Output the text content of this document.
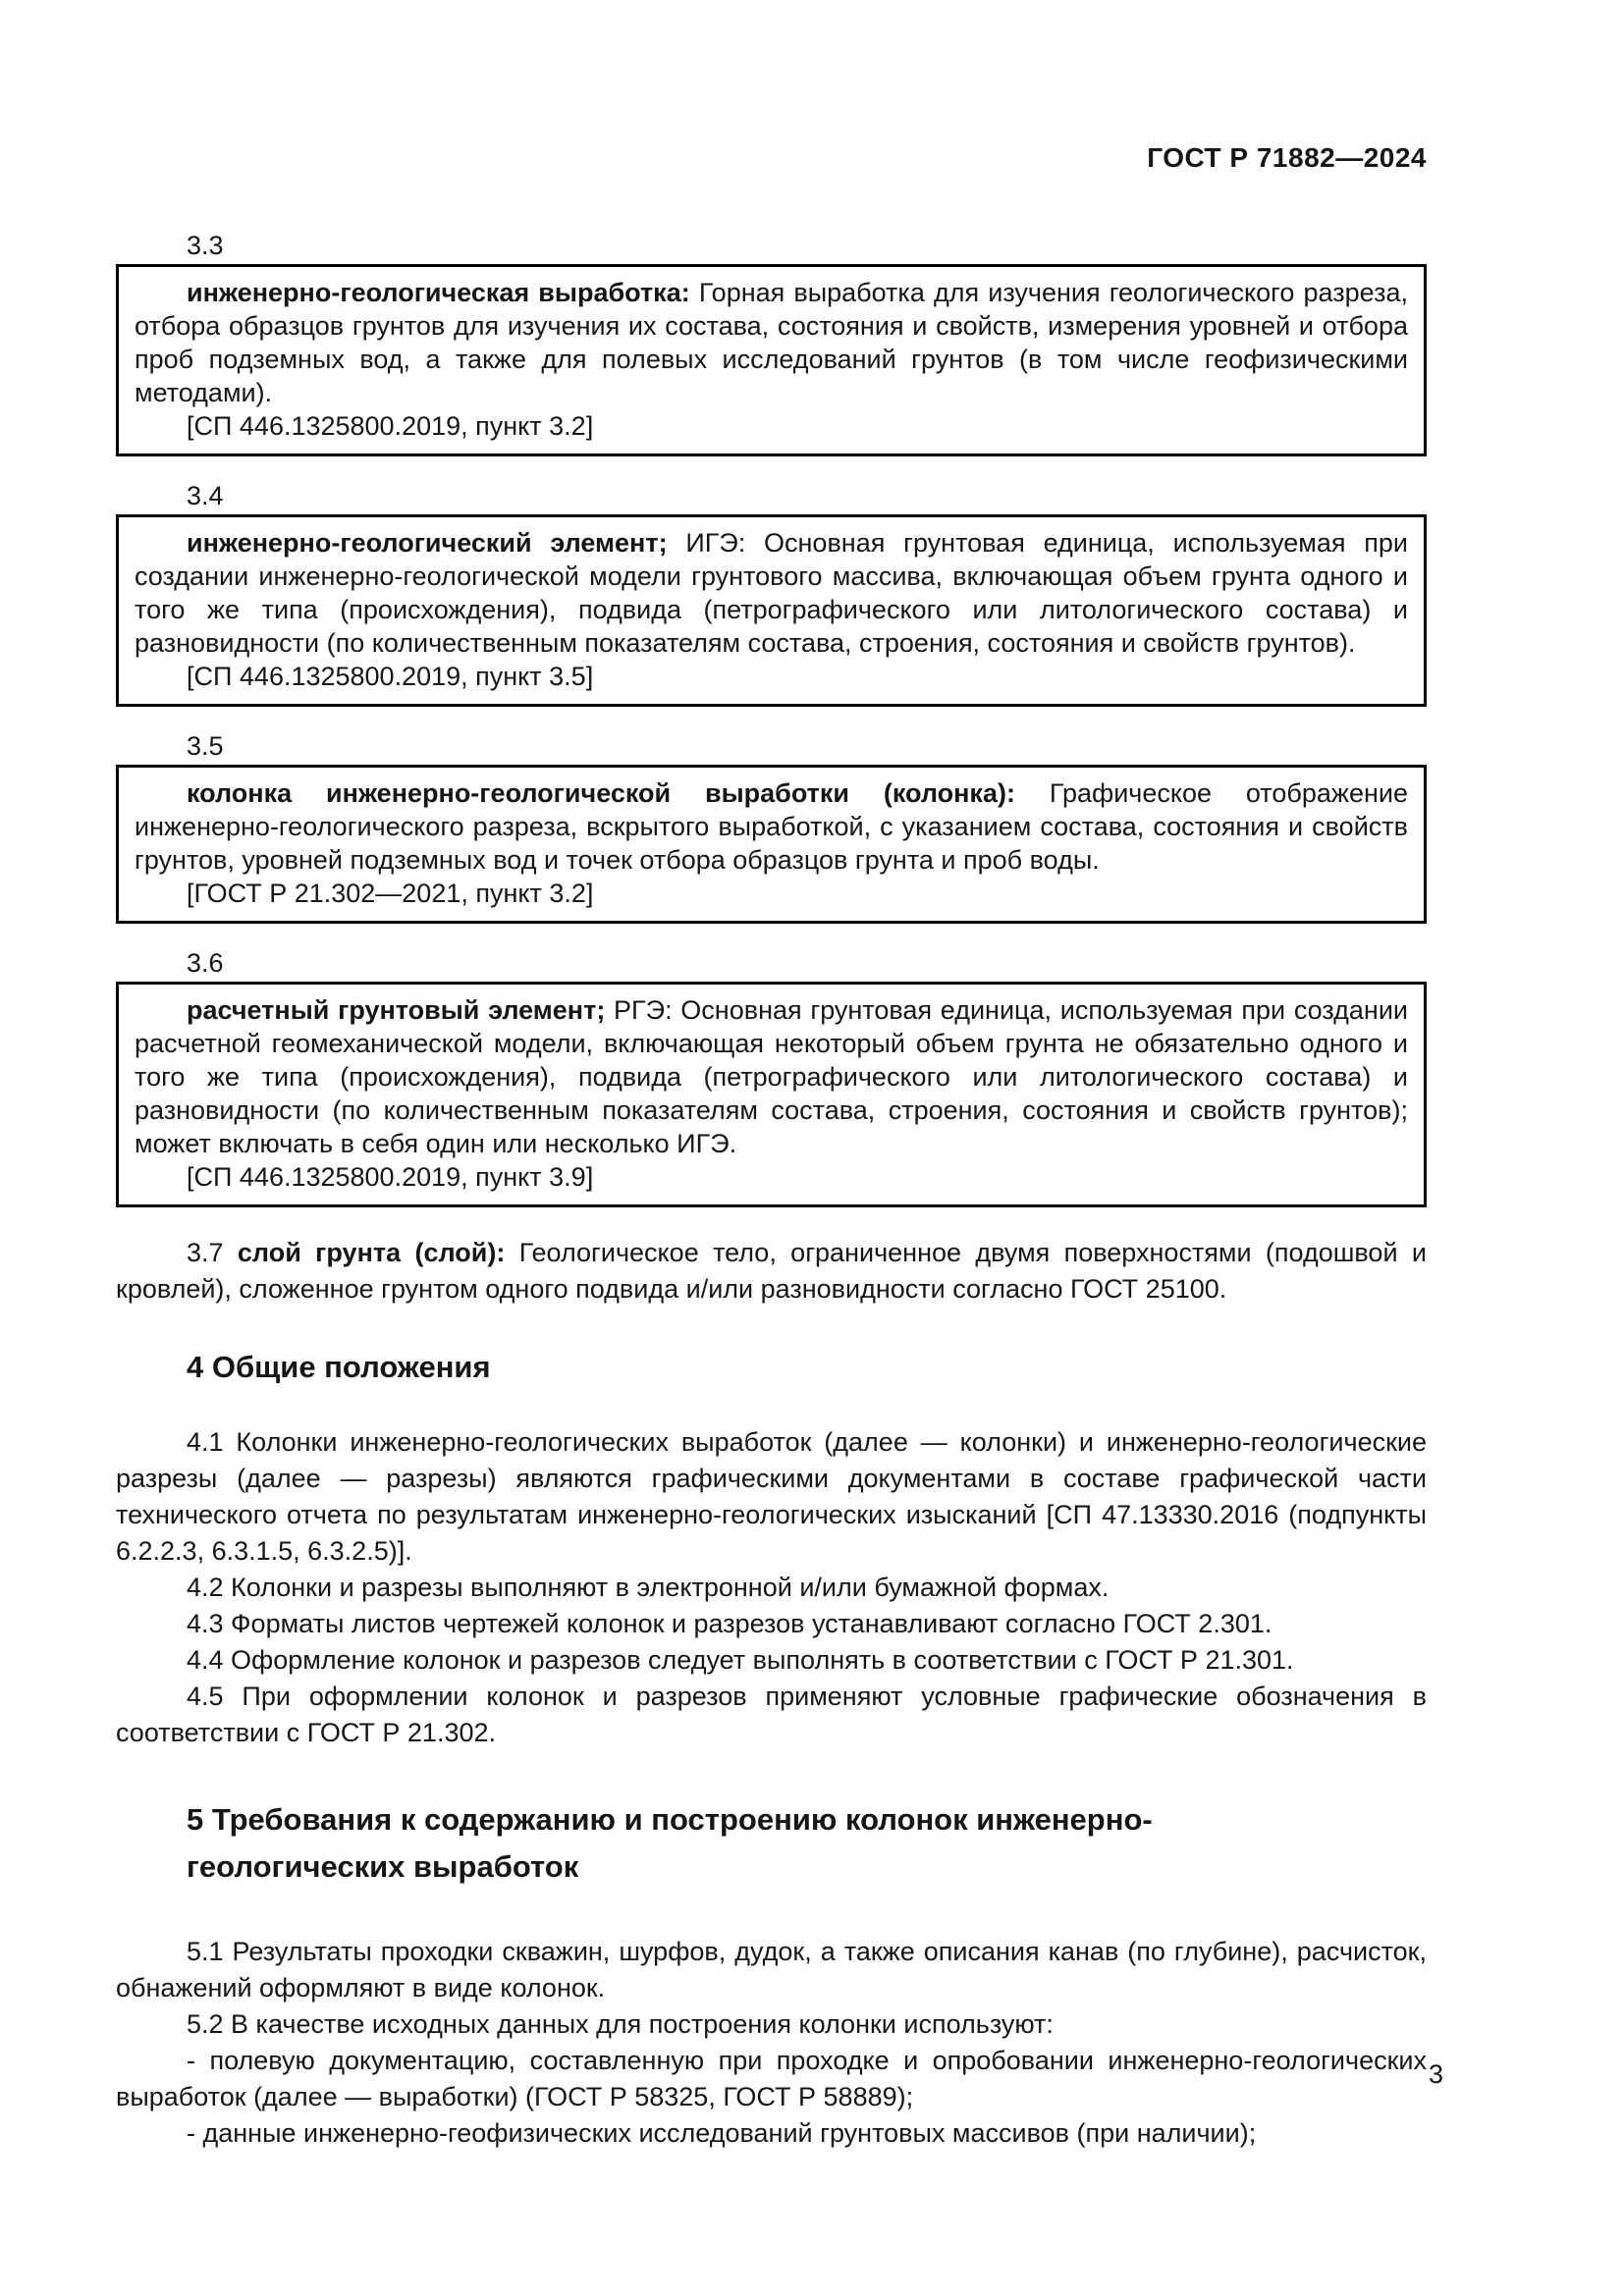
ГОСТ Р 71882—2024

3.3

инженерно-геологическая выработка: Горная выработка для изучения геологического разреза, отбора образцов грунтов для изучения их состава, состояния и свойств, измерения уровней и отбора проб подземных вод, а также для полевых исследований грунтов (в том числе геофизическими методами).

[СП 446.1325800.2019, пункт 3.2]

3.4

инженерно-геологический элемент; ИГЭ: Основная грунтовая единица, используемая при создании инженерно-геологической модели грунтового массива, включающая объем грунта одного и того же типа (происхождения), подвида (петрографического или литологического состава) и разновидности (по количественным показателям состава, строения, состояния и свойств грунтов).

[СП 446.1325800.2019, пункт 3.5]

3.5

колонка инженерно-геологической выработки (колонка): Графическое отображение инженерно-геологического разреза, вскрытого выработкой, с указанием состава, состояния и свойств грунтов, уровней подземных вод и точек отбора образцов грунта и проб воды.

[ГОСТ Р 21.302—2021, пункт 3.2]

3.6

расчетный грунтовый элемент; РГЭ: Основная грунтовая единица, используемая при создании расчетной геомеханической модели, включающая некоторый объем грунта не обязательно одного и того же типа (происхождения), подвида (петрографического или литологического состава) и разновидности (по количественным показателям состава, строения, состояния и свойств грунтов); может включать в себя один или несколько ИГЭ.

[СП 446.1325800.2019, пункт 3.9]

3.7 слой грунта (слой): Геологическое тело, ограниченное двумя поверхностями (подошвой и кровлей), сложенное грунтом одного подвида и/или разновидности согласно ГОСТ 25100.

4 Общие положения

4.1 Колонки инженерно-геологических выработок (далее — колонки) и инженерно-геологические разрезы (далее — разрезы) являются графическими документами в составе графической части технического отчета по результатам инженерно-геологических изысканий [СП 47.13330.2016 (подпункты 6.2.2.3, 6.3.1.5, 6.3.2.5)].

4.2 Колонки и разрезы выполняют в электронной и/или бумажной формах.

4.3 Форматы листов чертежей колонок и разрезов устанавливают согласно ГОСТ 2.301.

4.4 Оформление колонок и разрезов следует выполнять в соответствии с ГОСТ Р 21.301.

4.5 При оформлении колонок и разрезов применяют условные графические обозначения в соответствии с ГОСТ Р 21.302.

5 Требования к содержанию и построению колонок инженерно-геологических выработок

5.1 Результаты проходки скважин, шурфов, дудок, а также описания канав (по глубине), расчисток, обнажений оформляют в виде колонок.

5.2 В качестве исходных данных для построения колонки используют:

- полевую документацию, составленную при проходке и опробовании инженерно-геологических выработок (далее — выработки) (ГОСТ Р 58325, ГОСТ Р 58889);

- данные инженерно-геофизических исследований грунтовых массивов (при наличии);

3
